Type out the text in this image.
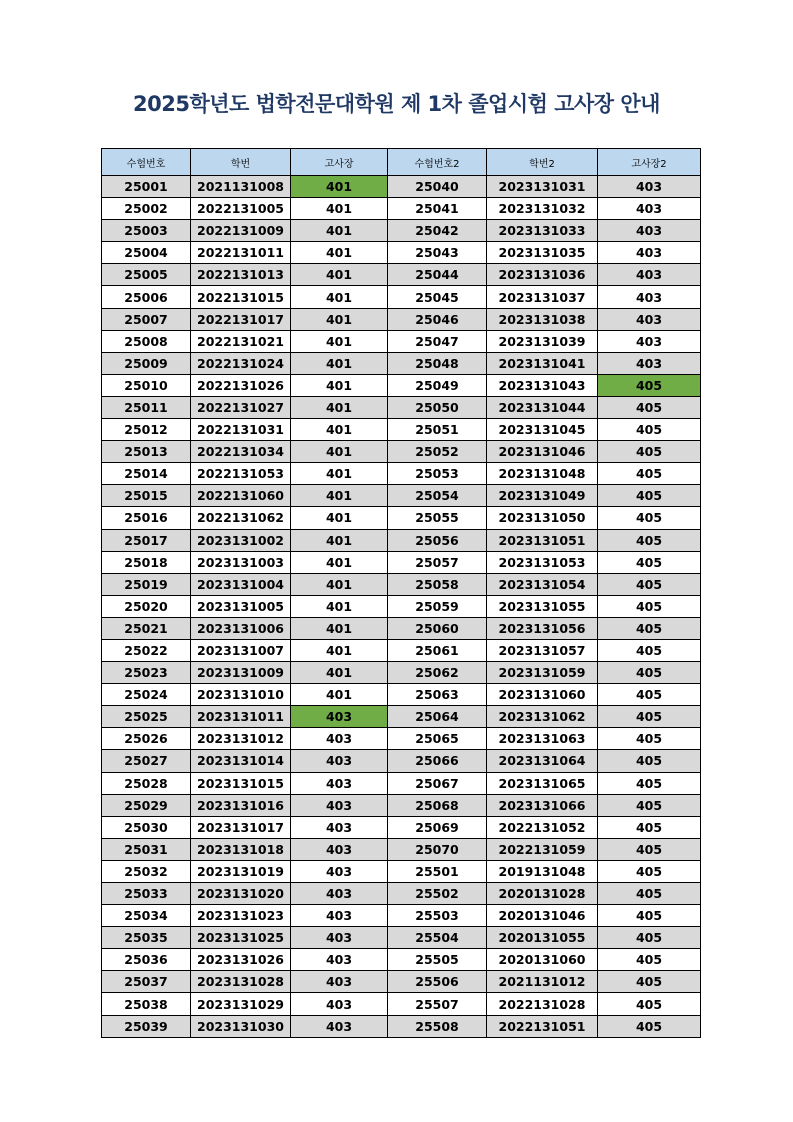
2025학년도 법학전문대학원 제 1차 졸업시험 고사장 안내
수험번호	학번	고사장	수험번호2	학번2	고사장2
25001	2021131008	401	25040	2023131031	403
25002	2022131005	401	25041	2023131032	403
25003	2022131009	401	25042	2023131033	403
25004	2022131011	401	25043	2023131035	403
25005	2022131013	401	25044	2023131036	403
25006	2022131015	401	25045	2023131037	403
25007	2022131017	401	25046	2023131038	403
25008	2022131021	401	25047	2023131039	403
25009	2022131024	401	25048	2023131041	403
25010	2022131026	401	25049	2023131043	405
25011	2022131027	401	25050	2023131044	405
25012	2022131031	401	25051	2023131045	405
25013	2022131034	401	25052	2023131046	405
25014	2022131053	401	25053	2023131048	405
25015	2022131060	401	25054	2023131049	405
25016	2022131062	401	25055	2023131050	405
25017	2023131002	401	25056	2023131051	405
25018	2023131003	401	25057	2023131053	405
25019	2023131004	401	25058	2023131054	405
25020	2023131005	401	25059	2023131055	405
25021	2023131006	401	25060	2023131056	405
25022	2023131007	401	25061	2023131057	405
25023	2023131009	401	25062	2023131059	405
25024	2023131010	401	25063	2023131060	405
25025	2023131011	403	25064	2023131062	405
25026	2023131012	403	25065	2023131063	405
25027	2023131014	403	25066	2023131064	405
25028	2023131015	403	25067	2023131065	405
25029	2023131016	403	25068	2023131066	405
25030	2023131017	403	25069	2022131052	405
25031	2023131018	403	25070	2022131059	405
25032	2023131019	403	25501	2019131048	405
25033	2023131020	403	25502	2020131028	405
25034	2023131023	403	25503	2020131046	405
25035	2023131025	403	25504	2020131055	405
25036	2023131026	403	25505	2020131060	405
25037	2023131028	403	25506	2021131012	405
25038	2023131029	403	25507	2022131028	405
25039	2023131030	403	25508	2022131051	405
